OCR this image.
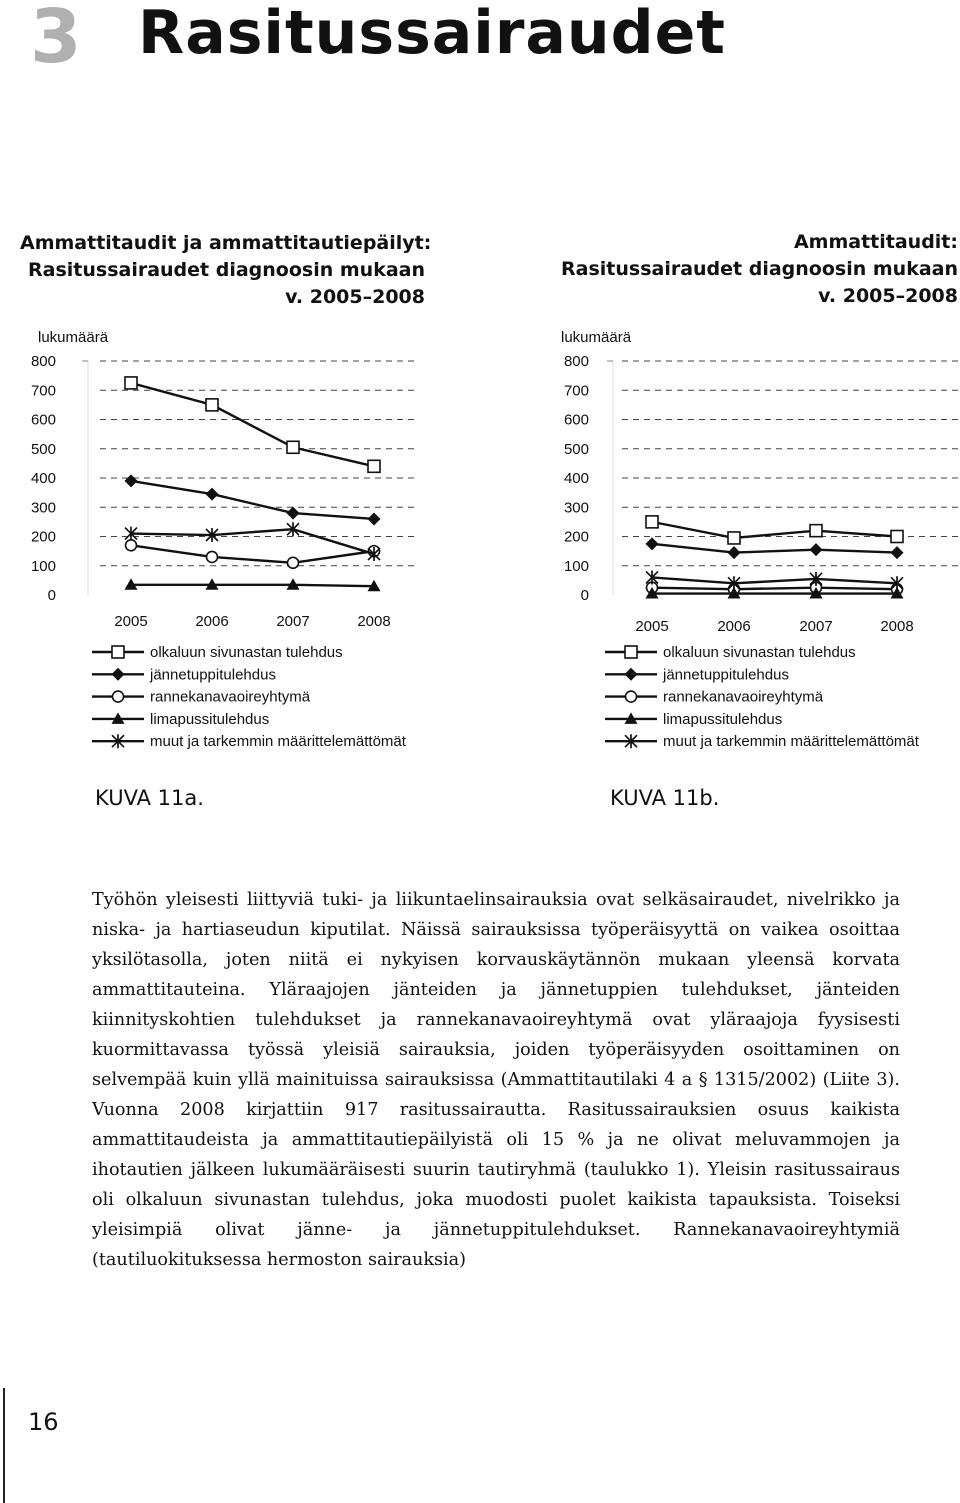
3 Rasitussairaudet
Ammattitaudit ja ammattitautiepäilyt:
Rasitussairaudet diagnoosin mukaan
v. 2005–2008
Ammattitaudit:
Rasitussairaudet diagnoosin mukaan
v. 2005–2008
lukumäärä
800
700
600
500
400
300
200
100
0
2005	2006	2007	2008
olkaluun sivunastan tulehdus
jännetuppitulehdus
rannekanavaoireyhtymä
limapussitulehdus
muut ja tarkemmin määrittelemättömät
lukumäärä
800
700
600
500
400
300
200
100
0
2005	2006	2007	2008
olkaluun sivunastan tulehdus
jännetuppitulehdus
rannekanavaoireyhtymä
limapussitulehdus
muut ja tarkemmin määrittelemättömät
KUVA 11a.	KUVA 11b.

Työhön yleisesti liittyviä tuki- ja liikuntaelinsairauksia ovat selkäsairaudet, nivelrikko ja niska- ja hartiaseudun kiputilat. Näissä sairauksissa työperäisyyttä on vaikea osoittaa yksilötasolla, joten niitä ei nykyisen korvauskäytännön mukaan yleensä korvata ammattitauteina. Yläraajojen jänteiden ja jännetuppien tulehdukset, jänteiden kiinnityskohtien tulehdukset ja rannekanavaoireyhtymä ovat yläraajoja fyysisesti kuormittavassa työssä yleisiä sairauksia, joiden työperäisyyden osoittaminen on selvempää kuin yllä mainituissa sairauksissa (Ammattitautilaki 4 a § 1315/2002) (Liite 3). Vuonna 2008 kirjattiin 917 rasitussairautta. Rasitussairauksien osuus kaikista ammattitaudeista ja ammattitautiepäilyistä oli 15 % ja ne olivat meluvammojen ja ihotautien jälkeen lukumääräisesti suurin tautiryhmä (taulukko 1). Yleisin rasitussairaus oli olkaluun sivunastan tulehdus, joka muodosti puolet kaikista tapauksista. Toiseksi yleisimpiä olivat jänne- ja jännetuppitulehdukset. Rannekanavaoireyhtymiä (tautiluokituksessa hermoston sairauksia)

16
